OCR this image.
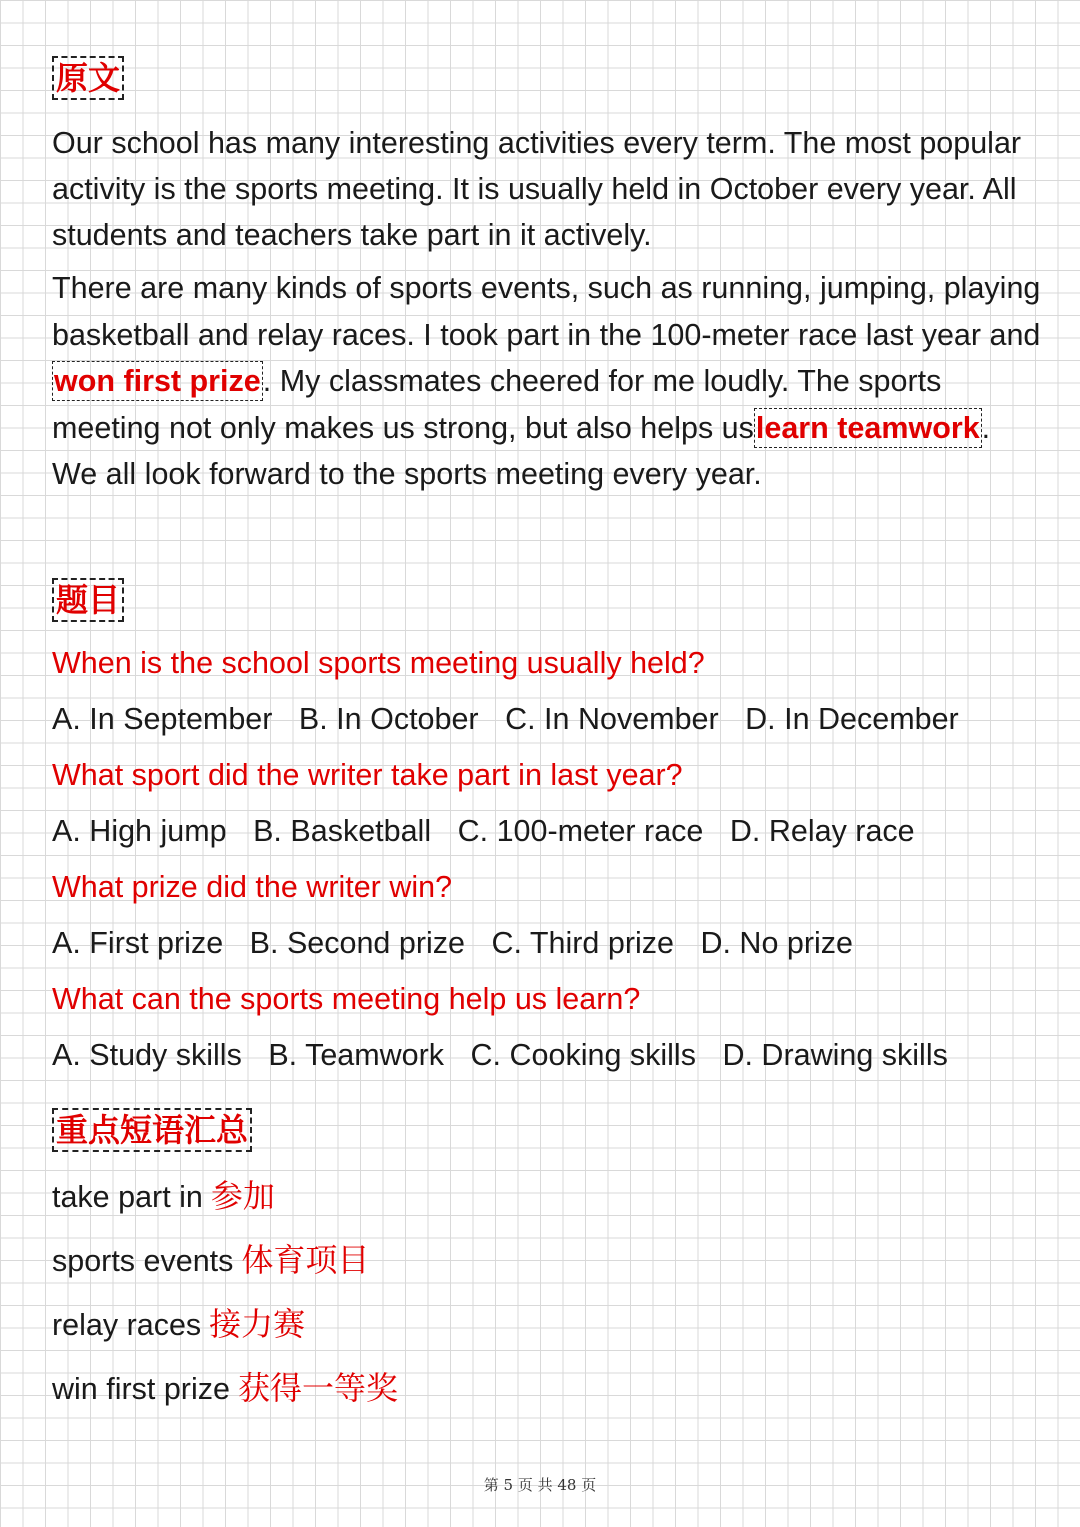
原文

Our school has many interesting activities every term. The most popular activity is the sports meeting. It is usually held in October every year. All students and teachers take part in it actively.

There are many kinds of sports events, such as running, jumping, playing basketball and relay races. I took part in the 100-meter race last year and won first prize. My classmates cheered for me loudly. The sports meeting not only makes us strong, but also helps uslearn teamwork. We all look forward to the sports meeting every year.

题目
When is the school sports meeting usually held?
A. In September B. In October C. In November D. In December
What sport did the writer take part in last year?
A. High jump B. Basketball C. 100-meter race D. Relay race
What prize did the writer win?
A. First prize B. Second prize C. Third prize D. No prize
What can the sports meeting help us learn?
A. Study skills B. Teamwork C. Cooking skills D. Drawing skills
重点短语汇总
take part in 参加
sports events 体育项目
relay races 接力赛
win first prize 获得一等奖
第 5 页 共 48 页
